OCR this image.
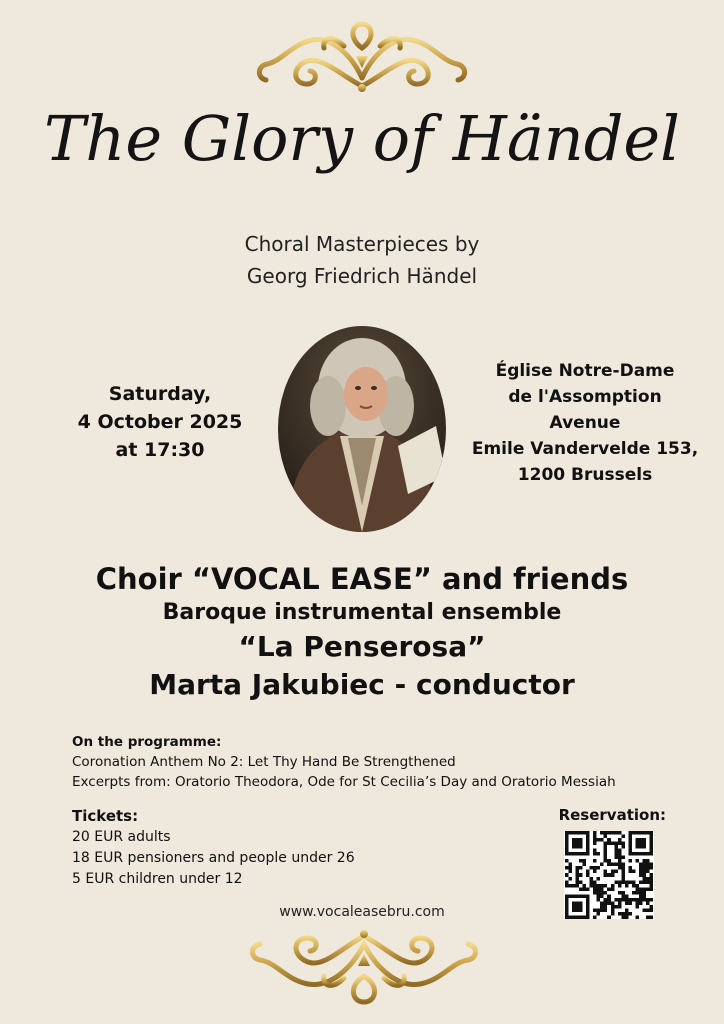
The Glory of Händel
Choral Masterpieces by
Georg Friedrich Händel
Saturday,
4 October 2025
at 17:30
Église Notre-Dame
de l'Assomption
Avenue
Emile Vandervelde 153,
1200 Brussels
Choir “VOCAL EASE” and friends
Baroque instrumental ensemble
“La Penserosa”
Marta Jakubiec - conductor
On the programme:
Coronation Anthem No 2: Let Thy Hand Be Strengthened
Excerpts from: Oratorio Theodora, Ode for St Cecilia’s Day and Oratorio Messiah
Tickets:
20 EUR adults
18 EUR pensioners and people under 26
5 EUR children under 12
Reservation:
www.vocaleasebru.com
